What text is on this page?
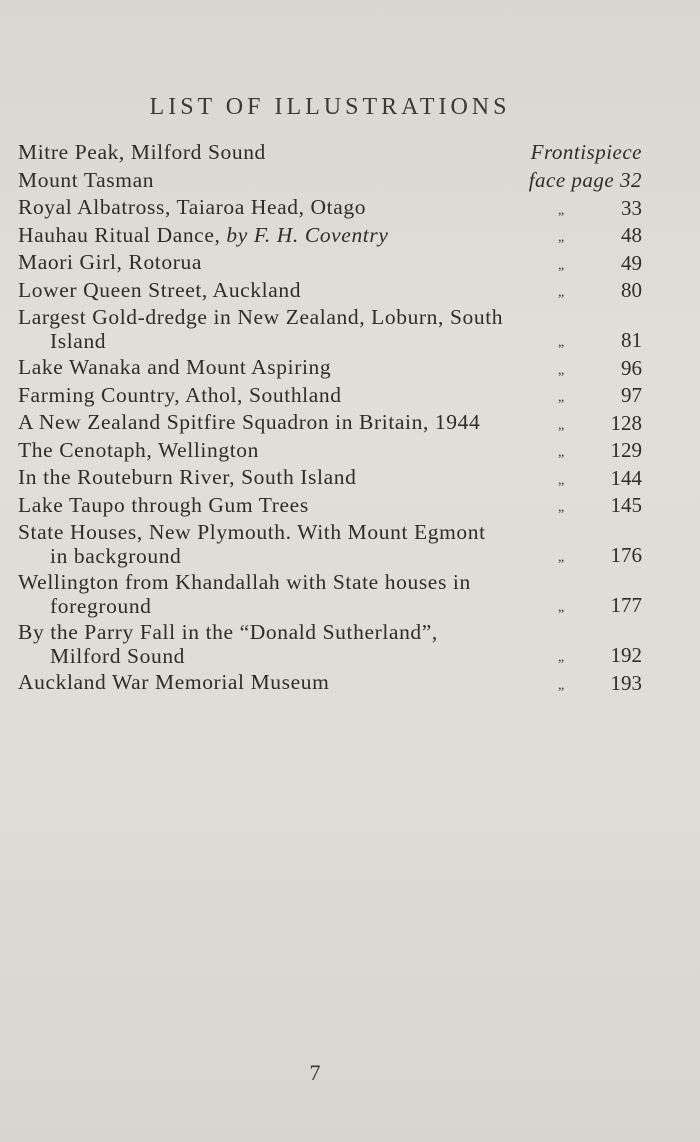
LIST OF ILLUSTRATIONS
Mitre Peak, Milford Sound	Frontispiece
Mount Tasman	face page 32
Royal Albatross, Taiaroa Head, Otago	„	33
Hauhau Ritual Dance, by F. H. Coventry	„	48
Maori Girl, Rotorua	„	49
Lower Queen Street, Auckland	„	80
Largest Gold-dredge in New Zealand, Loburn, South
Island	„	81
Lake Wanaka and Mount Aspiring	„	96
Farming Country, Athol, Southland	„	97
A New Zealand Spitfire Squadron in Britain, 1944	„ 128
The Cenotaph, Wellington	„ 129
In the Routeburn River, South Island	„ 144
Lake Taupo through Gum Trees	„ 145
State Houses, New Plymouth. With Mount Egmont
in background	„ 176
Wellington from Khandallah with State houses in
foreground	„ 177
By the Parry Fall in the “Donald Sutherland”,
Milford Sound	„ 192
Auckland War Memorial Museum	„ 193
7
